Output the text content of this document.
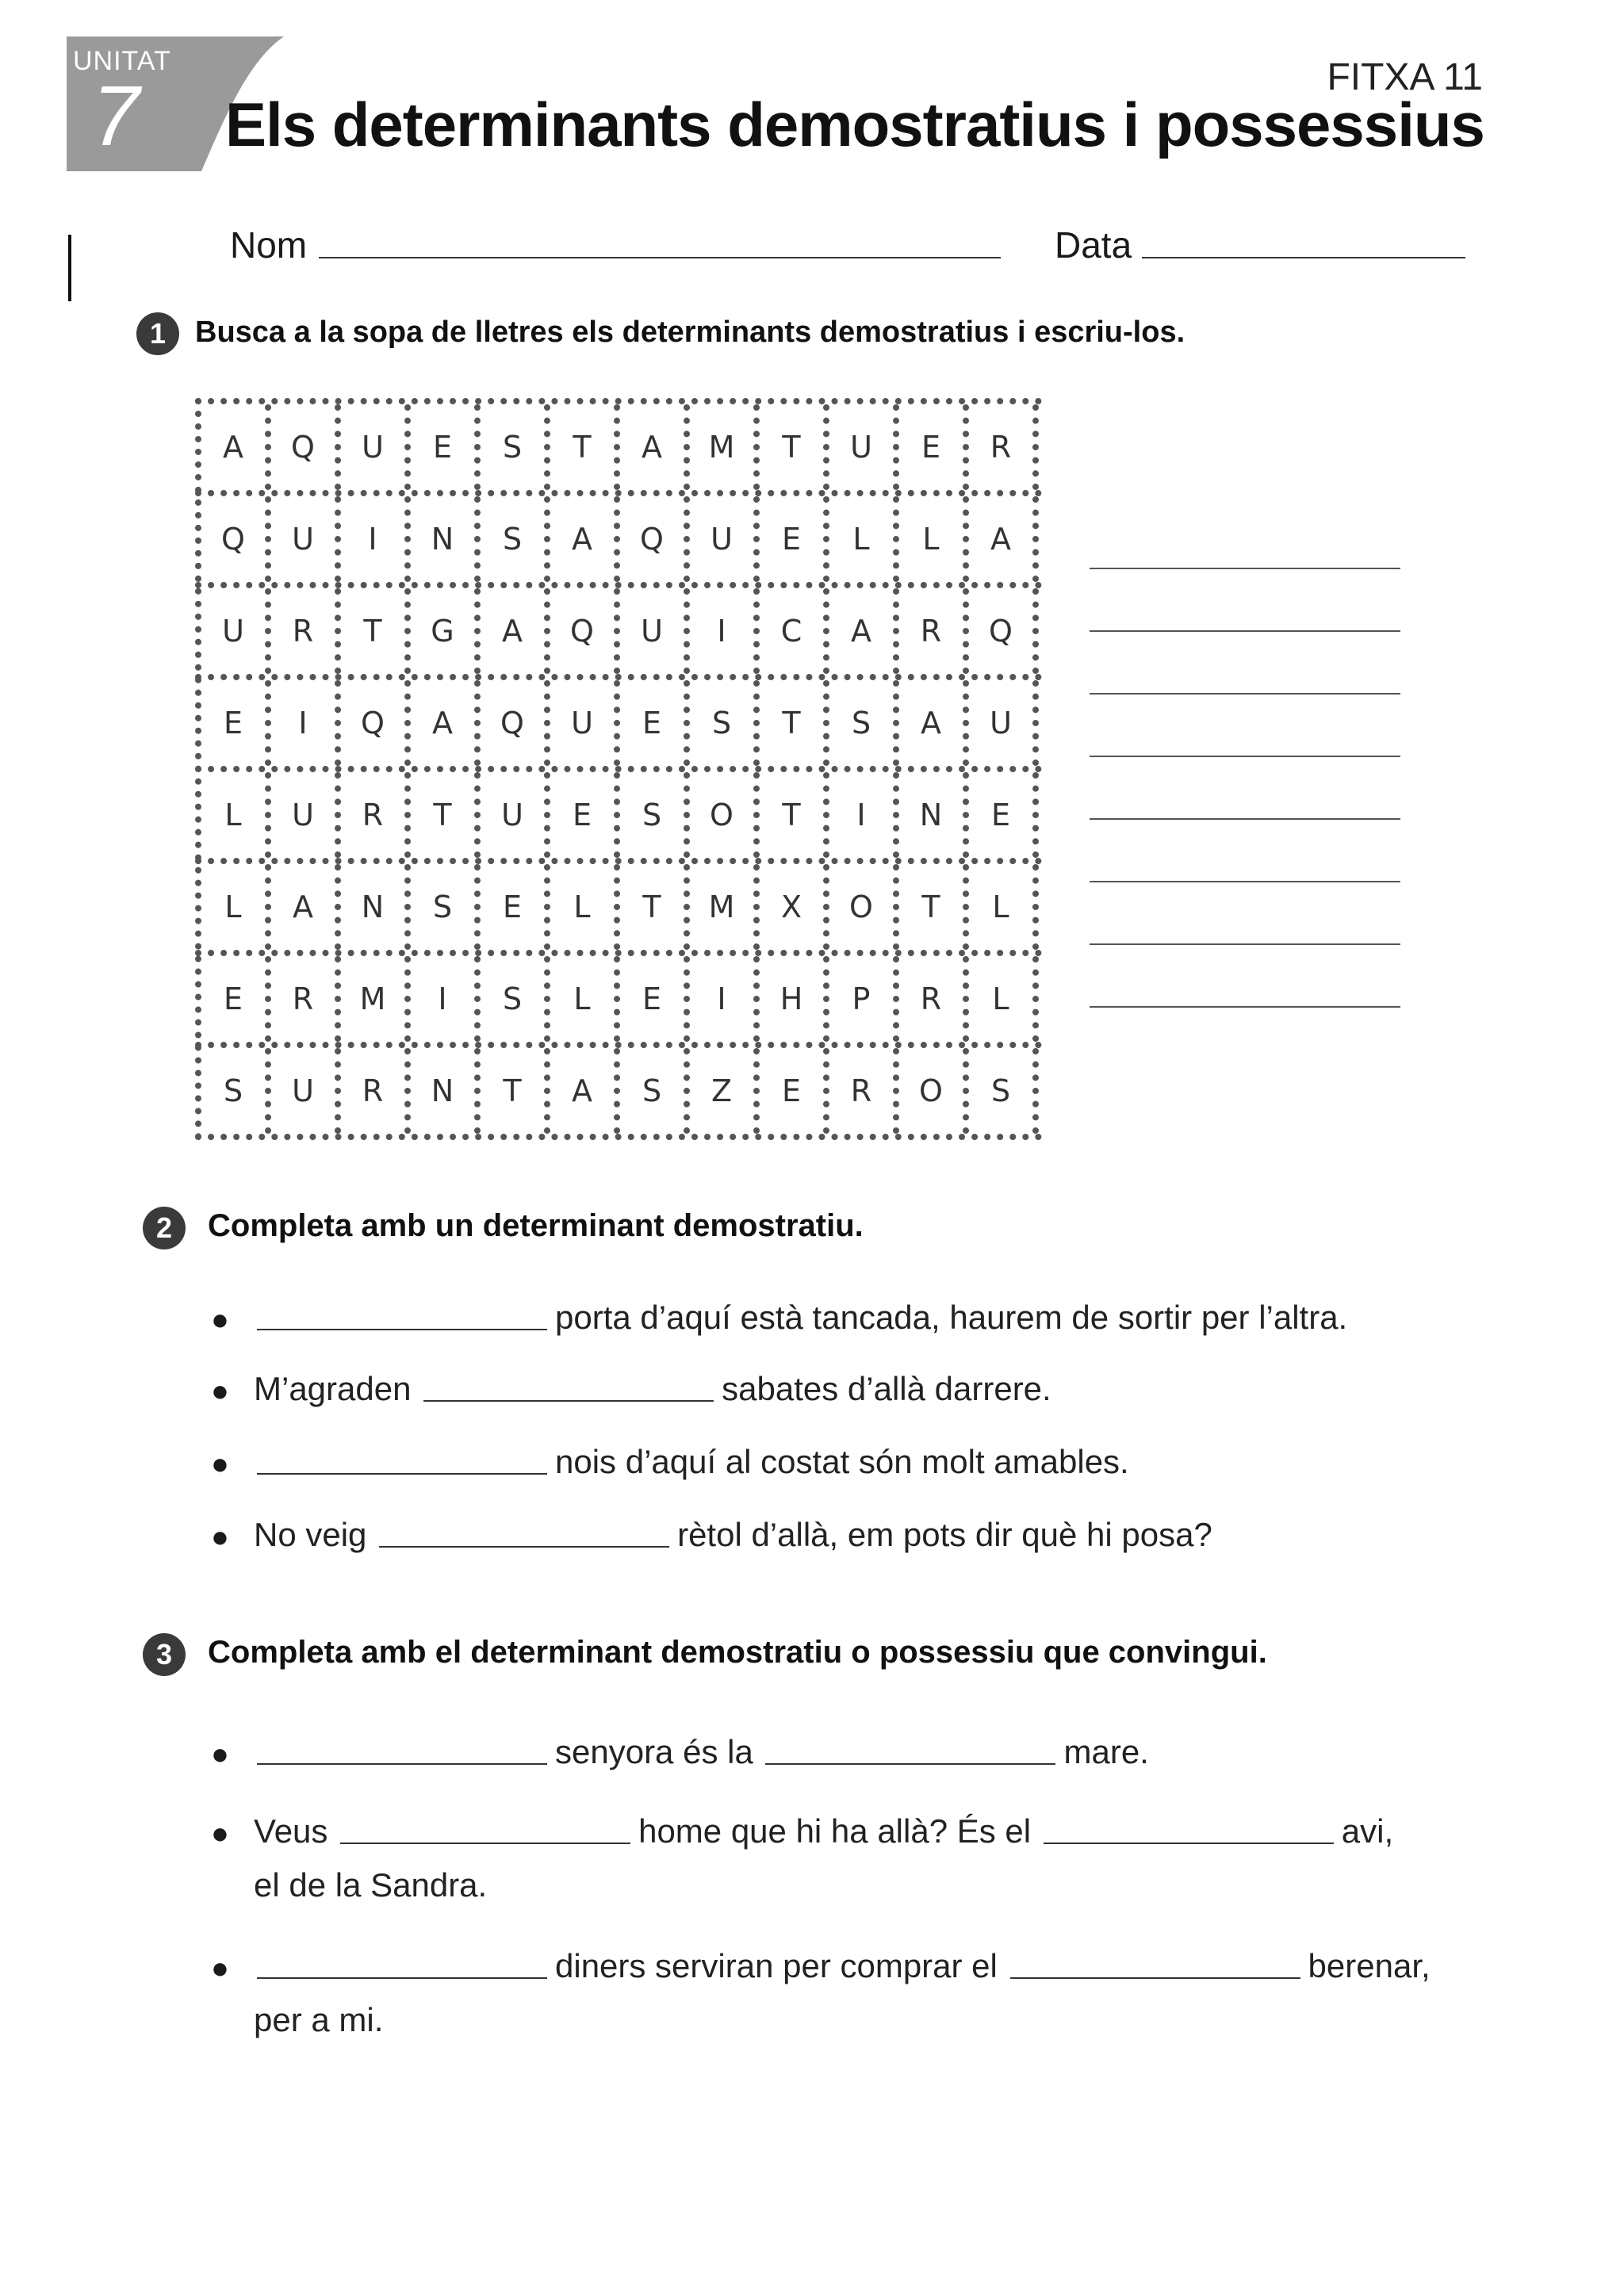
UNITAT
7	FITXA 11
Els determinants demostratius i possessius
Nom	Data
1 Busca a la sopa de lletres els determinants demostratius i escriu-los.
A	Q	U	E	S	T	A	M	T	U	E	R
Q	U	I	N	S	A	Q	U	E	L	L	A
U	R	T	G	A	Q	U	I	C	A	R	Q
E	I	Q	A	Q	U	E	S	T	S	A	U
L	U	R	T	U	E	S	O	T	I	N	E
L	A	N	S	E	L	T	M	X	O	T	L
E	R	M	I	S	L	E	I	H	P	R	L
S	U	R	N	T	A	S	Z	E	R	O	S
2	Completa amb un determinant demostratiu.
●	porta d’aquí està tancada, haurem de sortir per l’altra.
● M’agraden	sabates d’allà darrere.
●	nois d’aquí al costat són molt amables.
● No veig	rètol d’allà, em pots dir què hi posa?
3	Completa amb el determinant demostratiu o possessiu que convingui.
●	senyora és la	mare.
● Veus	home que hi ha allà? És el	avi,
el de la Sandra.
●	diners serviran per comprar el	berenar,
per a mi.
